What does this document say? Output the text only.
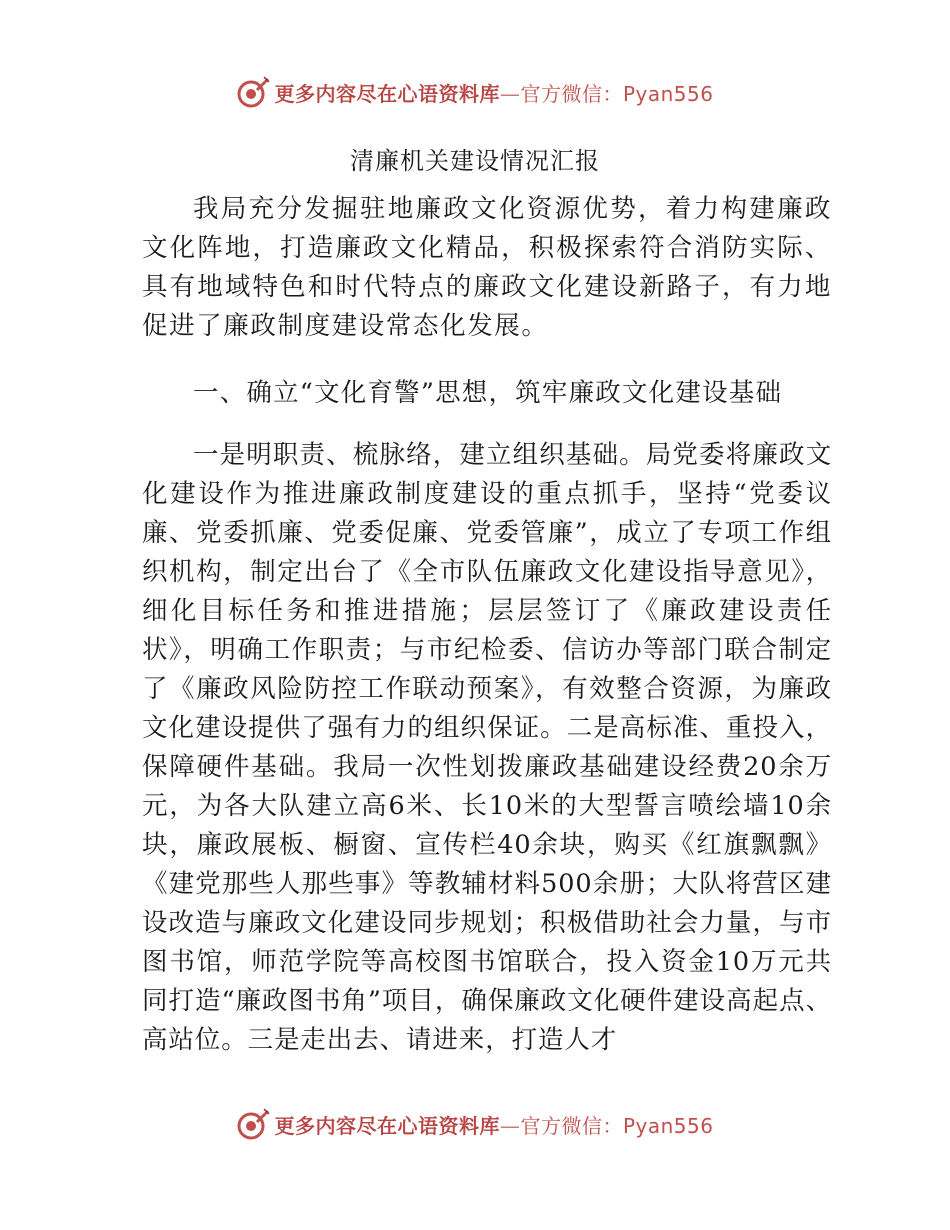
更多内容尽在心语资料库—官方微信：Pyan556
清廉机关建设情况汇报

我局充分发掘驻地廉政文化资源优势，着力构建廉政文化阵地，打造廉政文化精品，积极探索符合消防实际、具有地域特色和时代特点的廉政文化建设新路子，有力地促进了廉政制度建设常态化发展。

一、确立“文化育警”思想，筑牢廉政文化建设基础

一是明职责、梳脉络，建立组织基础。局党委将廉政文化建设作为推进廉政制度建设的重点抓手，坚持“党委议廉、党委抓廉、党委促廉、党委管廉”，成立了专项工作组织机构，制定出台了《全市队伍廉政文化建设指导意见》，细化目标任务和推进措施；层层签订了《廉政建设责任状》，明确工作职责；与市纪检委、信访办等部门联合制定了《廉政风险防控工作联动预案》，有效整合资源，为廉政文化建设提供了强有力的组织保证。二是高标准、重投入，保障硬件基础。我局一次性划拨廉政基础建设经费20余万元，为各大队建立高6米、长10米的大型誓言喷绘墙10余块，廉政展板、橱窗、宣传栏40余块，购买《红旗飘飘》《建党那些人那些事》等教辅材料500余册；大队将营区建设改造与廉政文化建设同步规划；积极借助社会力量，与市图书馆，师范学院等高校图书馆联合，投入资金10万元共同打造“廉政图书角”项目，确保廉政文化硬件建设高起点、高站位。三是走出去、请进来，打造人才

更多内容尽在心语资料库—官方微信：Pyan556
